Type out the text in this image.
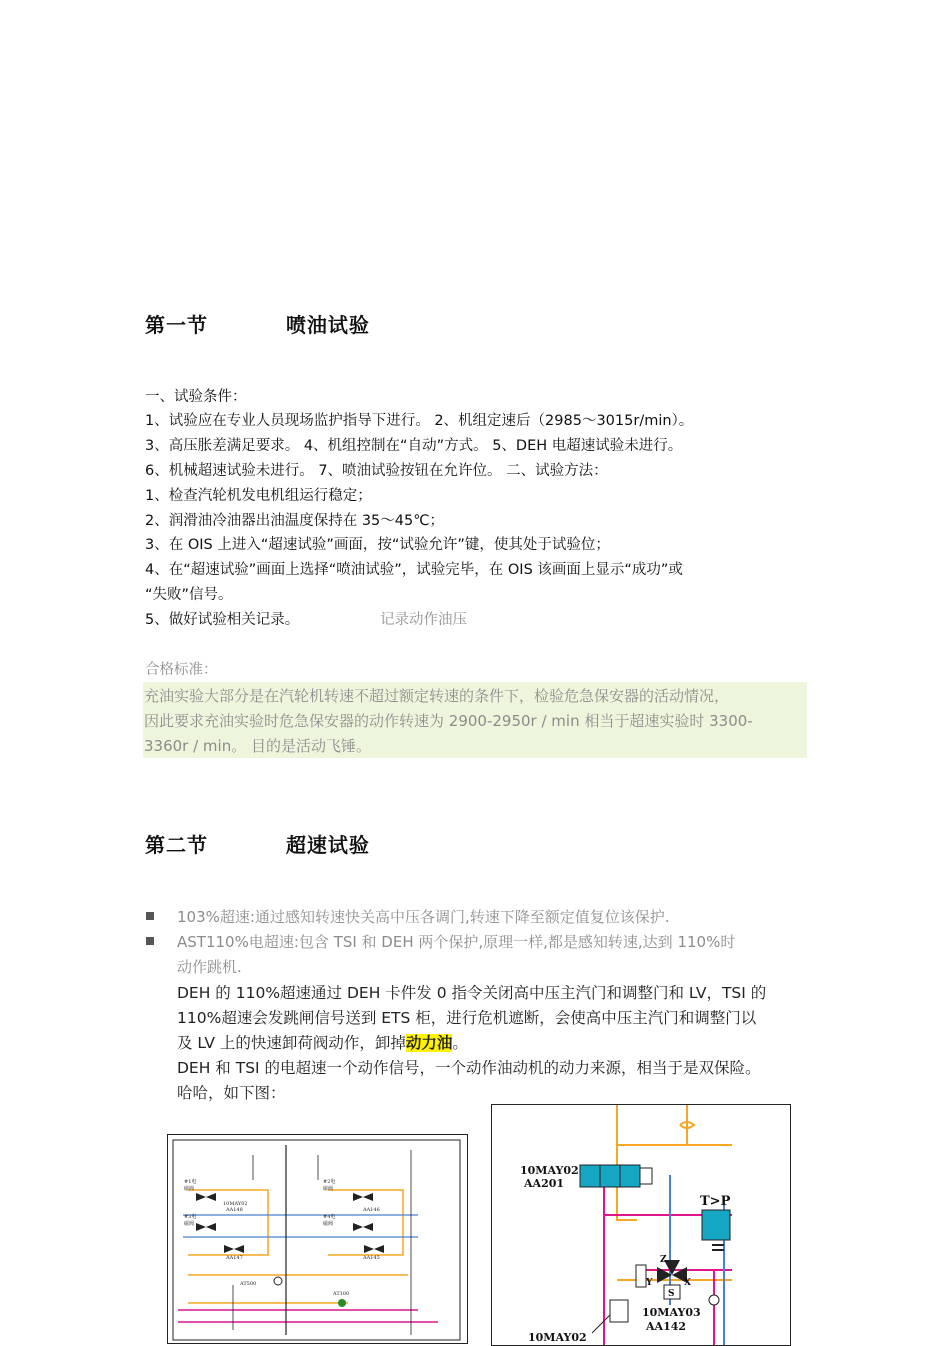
第一节	喷油试验
一、试验条件：
1、试验应在专业人员现场监护指导下进行。 2、机组定速后（2985～3015r/min）。
3、高压胀差满足要求。 4、机组控制在“自动”方式。 5、DEH 电超速试验未进行。
6、机械超速试验未进行。 7、喷油试验按钮在允许位。 二、试验方法：
1、检查汽轮机发电机组运行稳定；
2、润滑油冷油器出油温度保持在 35～45℃；
3、在 OIS 上进入“超速试验”画面，按“试验允许”键，使其处于试验位；
4、在“超速试验”画面上选择“喷油试验”，试验完毕，在 OIS 该画面上显示“成功”或
“失败”信号。
5、做好试验相关记录。	记录动作油压
合格标准：
充油实验大部分是在汽轮机转速不超过额定转速的条件下，检验危急保安器的活动情况，
因此要求充油实验时危急保安器的动作转速为 2900-2950r / min 相当于超速实验时 3300-
3360r / min。 目的是活动飞锤。
第二节	超速试验
103%超速:通过感知转速快关高中压各调门,转速下降至额定值复位该保护.
AST110%电超速:包含 TSI 和 DEH 两个保护,原理一样,都是感知转速,达到 110%时
动作跳机.
DEH 的 110%超速通过 DEH 卡件发 0 指令关闭高中压主汽门和调整门和 LV，TSI 的
110%超速会发跳闸信号送到 ETS 柜，进行危机遮断，会使高中压主汽门和调整门以
及 LV 上的快速卸荷阀动作，卸掉动力油。
DEH 和 TSI 的电超速一个动作信号，一个动作油动机的动力来源，相当于是双保险。
哈哈，如下图：
#1电
磁阀
#3电
磁阀
#2电
磁阀
#4电
磁阀
10MAY02
AA148
AA147
AA146
AA145
AT500
AT100
10MAY02
AA201
T>P
Z
Y	X
S
10MAY03
AA142
10MAY02
